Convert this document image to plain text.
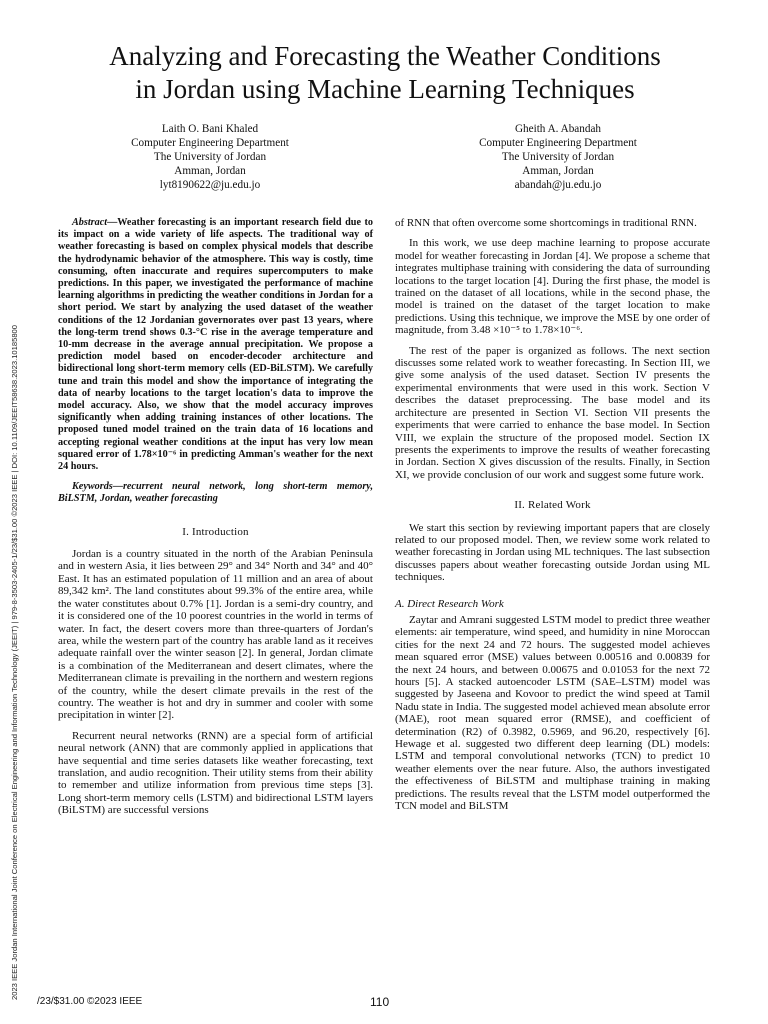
2023 IEEE Jordan International Joint Conference on Electrical Engineering and Information Technology (JEEIT) | 979-8-3503-2405-1/23/$31.00 ©2023 IEEE | DOI: 10.1109/JEEIT58638.2023.10185800
Analyzing and Forecasting the Weather Conditions
in Jordan using Machine Learning Techniques
Laith O. Bani Khaled
Computer Engineering Department
The University of Jordan
Amman, Jordan
lyt8190622@ju.edu.jo
Gheith A. Abandah
Computer Engineering Department
The University of Jordan
Amman, Jordan
abandah@ju.edu.jo
Abstract—Weather forecasting is an important research field due to its impact on a wide variety of life aspects. The traditional way of weather forecasting is based on complex physical models that describe the hydrodynamic behavior of the atmosphere. This way is costly, time consuming, often inaccurate and requires supercomputers to make predictions. In this paper, we investigated the performance of machine learning algorithms in predicting the weather conditions in Jordan for a short period. We start by analyzing the used dataset of the weather conditions of the 12 Jordanian governorates over past 13 years, where the long-term trend shows 0.3-°C rise in the average temperature and 10-mm decrease in the average annual precipitation. We propose a prediction model based on encoder-decoder architecture and bidirectional long short-term memory cells (ED-BiLSTM). We carefully tune and train this model and show the importance of integrating the data of nearby locations to the target location's data to improve the model accuracy. Also, we show that the model accuracy improves significantly when adding training instances of other locations. The proposed tuned model trained on the train data of 16 locations and accepting regional weather conditions at the input has very low mean squared error of 1.78×10⁻⁶ in predicting Amman's weather for the next 24 hours.
Keywords—recurrent neural network, long short-term memory, BiLSTM, Jordan, weather forecasting
I. Introduction

Jordan is a country situated in the north of the Arabian Peninsula and in western Asia, it lies between 29° and 34° North and 34° and 40° East. It has an estimated population of 11 million and an area of about 89,342 km². The land constitutes about 99.3% of the entire area, while the water constitutes about 0.7% [1]. Jordan is a semi-dry country, and it is considered one of the 10 poorest countries in the world in terms of water. In fact, the desert covers more than three-quarters of Jordan's area, while the western part of the country has arable land as it receives adequate rainfall over the winter season [2]. In general, Jordan climate is a combination of the Mediterranean and desert climates, where the Mediterranean climate is prevailing in the northern and western regions of the country, while the desert climate prevails in the rest of the country. The weather is hot and dry in summer and cooler with some precipitation in winter [2].

Recurrent neural networks (RNN) are a special form of artificial neural network (ANN) that are commonly applied in applications that have sequential and time series datasets like weather forecasting, text translation, and audio recognition. Their utility stems from their ability to remember and utilize information from previous time steps [3]. Long short-term memory cells (LSTM) and bidirectional LSTM layers (BiLSTM) are successful versions

of RNN that often overcome some shortcomings in traditional RNN.

In this work, we use deep machine learning to propose accurate model for weather forecasting in Jordan [4]. We propose a scheme that integrates multiphase training with considering the data of surrounding locations to the target location [4]. During the first phase, the model is trained on the dataset of all locations, while in the second phase, the model is trained on the dataset of the target location to make predictions. Using this technique, we improve the MSE by one order of magnitude, from 3.48 ×10⁻⁵ to 1.78×10⁻⁶.

The rest of the paper is organized as follows. The next section discusses some related work to weather forecasting. In Section III, we give some analysis of the used dataset. Section IV presents the experimental environments that were used in this work. Section V describes the dataset preprocessing. The base model and its architecture are presented in Section VI. Section VII presents the experiments that were carried to enhance the base model. In Section VIII, we explain the structure of the proposed model. Section IX presents the experiments to improve the results of weather forecasting in Jordan. Section X gives discussion of the results. Finally, in Section XI, we provide conclusion of our work and suggest some future work.

II. Related Work

We start this section by reviewing important papers that are closely related to our proposed model. Then, we review some work related to weather forecasting in Jordan using ML techniques. The last subsection discusses papers about weather forecasting outside Jordan using ML techniques.

A. Direct Research Work

Zaytar and Amrani suggested LSTM model to predict three weather elements: air temperature, wind speed, and humidity in nine Moroccan cities for the next 24 and 72 hours. The suggested model achieves mean squared error (MSE) values between 0.00516 and 0.00839 for the next 24 hours, and between 0.00675 and 0.01053 for the next 72 hours [5]. A stacked autoencoder LSTM (SAE–LSTM) model was suggested by Jaseena and Kovoor to predict the wind speed at Tamil Nadu state in India. The suggested model achieved mean absolute error (MAE), root mean squared error (RMSE), and coefficient of determination (R2) of 0.3982, 0.5969, and 96.20, respectively [6]. Hewage et al. suggested two different deep learning (DL) models: LSTM and temporal convolutional networks (TCN) to predict 10 weather elements over the near future. Also, the authors investigated the effectiveness of BiLSTM and multiphase training in making predictions. The results reveal that the LSTM model outperformed the TCN model and BiLSTM

/23/$31.00 ©2023 IEEE	110
